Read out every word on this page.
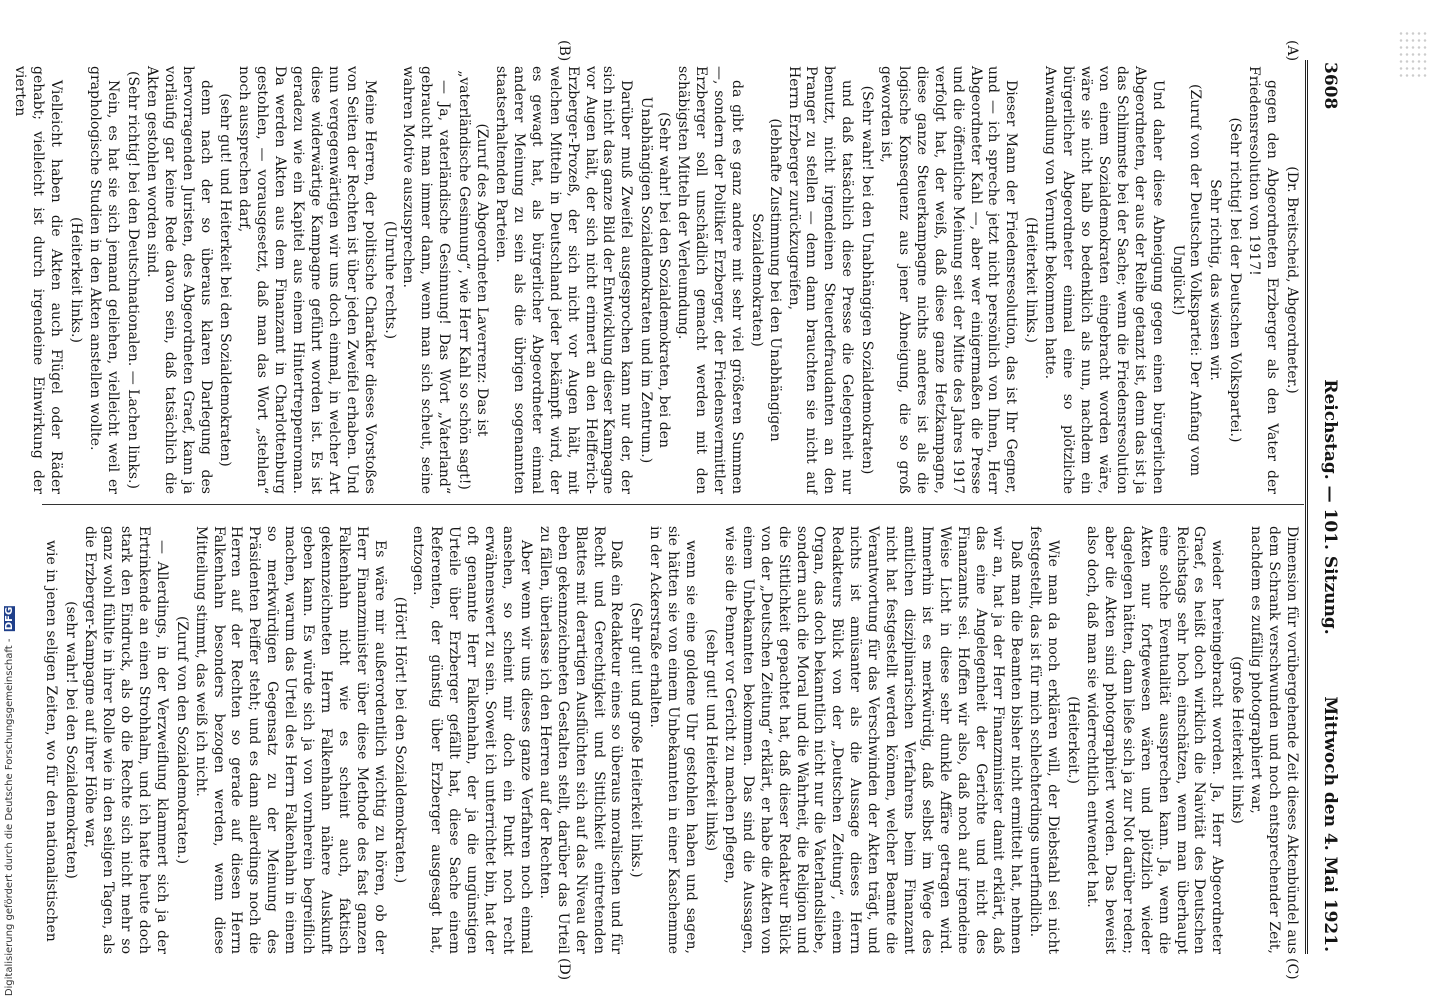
3608
Reichstag. — 101. Sitzung.
Mittwoch den 4. Mai 1921.
(A)
(B)
(C)
(D)

(Dr. Breitscheid, Abgeordneter.)

gegen den Abgeordneten Erzberger als den Vater der Friedensresolution von 1917!

(Sehr richtig! bei der Deutschen Volkspartei.)

Sehr richtig, das wissen wir.

(Zuruf von der Deutschen Volkspartei: Der Anfang vom Unglück!)

Und daher diese Abneigung gegen einen bürgerlichen Abgeordneten, der aus der Reihe getanzt ist, denn das ist ja das Schlimmste bei der Sache; wenn die Friedensresolution von einem Sozialdemokraten eingebracht worden wäre, wäre sie nicht halb so bedenklich als nun, nachdem ein bürgerlicher Abgeordneter einmal eine so plötzliche Anwandlung von Vernunft bekommen hatte.

(Heiterkeit links.)

Dieser Mann der Friedensresolution, das ist Ihr Gegner, und — ich spreche jetzt nicht persönlich von Ihnen, Herr Abgeordneter Kahl —, aber wer einigermaßen die Presse und die öffentliche Meinung seit der Mitte des Jahres 1917 verfolgt hat, der weiß, daß diese ganze Hetzkampagne, diese ganze Steuerkampagne nichts anderes ist als die logische Konsequenz aus jener Abneigung, die so groß geworden ist,

(Sehr wahr! bei den Unabhängigen Sozialdemokraten)

und daß tatsächlich diese Presse die Gelegenheit nur benutzt, nicht irgendeinen Steuerdefraudanten an den Pranger zu stellen — denn dann brauchten sie nicht auf Herrn Erzberger zurückzugreifen,

(lebhafte Zustimmung bei den Unabhängigen Sozialdemokraten)

da gibt es ganz andere mit sehr viel größeren Summen —, sondern der Politiker Erzberger, der Friedensvermittler Erzberger soll unschädlich gemacht werden mit den schäbigsten Mitteln der Verleumdung.

(Sehr wahr! bei den Sozialdemokraten, bei den Unabhängigen Sozialdemokraten und im Zentrum.)

Darüber muß Zweifel ausgesprochen kann nur der, der sich nicht das ganze Bild der Entwicklung dieser Kampagne vor Augen hält, der sich nicht erinnert an den Helfferich-Erzberger-Prozeß, der sich nicht vor Augen hält, mit welchen Mitteln in Deutschland jeder bekämpft wird, der es gewagt hat, als bürgerlicher Abgeordneter einmal anderer Meinung zu sein als die übrigen sogenannten staatserhaltenden Parteien.

(Zuruf des Abgeordneten Laverrenz: Das ist „vaterländische Gesinnung“, wie Herr Kahl so schön sagt!)

— Ja, vaterländische Gesinnung! Das Wort „Vaterland“ gebraucht man immer dann, wenn man sich scheut, seine wahren Motive auszusprechen.

(Unruhe rechts.)

Meine Herren, der politische Charakter dieses Vorstoßes von Seiten der Rechten ist über jeden Zweifel erhaben. Und nun vergegenwärtigen wir uns doch einmal, in welcher Art diese widerwärtige Kampagne geführt worden ist. Es ist geradezu wie ein Kapitel aus einem Hintertreppenroman. Da werden Akten aus dem Finanzamt in Charlottenburg gestohlen, — vorausgesetzt, daß man das Wort „stehlen“ noch aussprechen darf,

(sehr gut! und Heiterkeit bei den Sozialdemokraten)

denn nach der so überaus klaren Darlegung des hervorragenden Juristen, des Abgeordneten Graef, kann ja vorläufig gar keine Rede davon sein, daß tatsächlich die Akten gestohlen worden sind.

(Sehr richtig! bei den Deutschnationalen. — Lachen links.)

Nein, es hat sie sich jemand geliehen, vielleicht weil er graphologische Studien in den Akten anstellen wollte.

(Heiterkeit links.)

Vielleicht haben die Akten auch Flügel oder Räder gehabt; vielleicht ist durch irgendeine Einwirkung der vierten

Dimension für vorübergehende Zeit dieses Aktenbündel aus dem Schrank verschwunden und noch entsprechender Zeit, nachdem es zufällig photographiert war,

(große Heiterkeit links)

wieder hereingebracht worden. Ja, Herr Abgeordneter Graef, es heißt doch wirklich die Naivität des Deutschen Reichstags sehr hoch einschätzen, wenn man überhaupt eine solche Eventualität aussprechen kann. Ja, wenn die Akten nur fortgewesen wären und plötzlich wieder dagelegen hätten, dann ließe sich ja zur Not darüber reden; aber die Akten sind photographiert worden. Das beweist also doch, daß man sie widerrechtlich entwendet hat.

(Heiterkeit.)

Wie man da noch erklären will, der Diebstahl sei nicht festgestellt, das ist für mich schlechterdings unerfindlich.

Daß man die Beamten bisher nicht ermittelt hat, nehmen wir an, hat ja der Herr Finanzminister damit erklärt, daß das eine Angelegenheit der Gerichte und nicht des Finanzamts sei. Hoffen wir also, daß noch auf irgendeine Weise Licht in diese sehr dunkle Affäre getragen wird. Immerhin ist es merkwürdig, daß selbst im Wege des amtlichen disziplinarischen Verfahrens beim Finanzamt nicht hat festgestellt werden können, welcher Beamte die Verantwortung für das Verschwinden der Akten trägt, und nichts ist amüsanter als die Aussage dieses Herrn Redakteurs Bülck von der „Deutschen Zeitung“, einem Organ, das doch bekanntlich nicht nur die Vaterlandsliebe, sondern auch die Moral und die Wahrheit, die Religion und die Sittlichkeit gepachtet hat, daß dieser Redakteur Bülck von der „Deutschen Zeitung“ erklärt, er habe die Akten von einem Unbekannten bekommen. Das sind die Aussagen, wie sie die Penner vor Gericht zu machen pflegen,

(sehr gut! und Heiterkeit links)

wenn sie eine goldene Uhr gestohlen haben und sagen, sie hätten sie von einem Unbekannten in einer Kaschemme in der Ackerstraße erhalten.

(Sehr gut! und große Heiterkeit links.)

Daß ein Redakteur eines so überaus moralischen und für Recht und Gerechtigkeit und Sittlichkeit eintretenden Blattes mit derartigen Ausflüchten sich auf das Niveau der eben gekennzeichneten Gestalten stellt, darüber das Urteil zu fällen, überlasse ich den Herren auf der Rechten.

Aber wenn wir uns dieses ganze Verfahren noch einmal ansehen, so scheint mir doch ein Punkt noch recht erwähnenswert zu sein. Soweit ich unterrichtet bin, hat der oft genannte Herr Falkenhahn, der ja die ungünstigen Urteile über Erzberger gefällt hat, diese Sache einem Referenten, der günstig über Erzberger ausgesagt hat, entzogen.

(Hört! Hört! bei den Sozialdemokraten.)

Es wäre mir außerordentlich wichtig zu hören, ob der Herr Finanzminister über diese Methode des fast ganzen Falkenhahn nicht wie es scheint auch, faktisch gekennzeichneten Herrn Falkenhahn nähere Auskunft geben kann. Es würde sich ja von vornherein begreiflich machen, warum das Urteil des Herrn Falkenhahn in einem so merkwürdigen Gegensatz zu der Meinung des Präsidenten Peiffer steht; und es dann allerdings noch die Herren auf der Rechten so gerade auf diesen Herrn Falkenhahn besonders bezogen werden, wenn diese Mitteilung stimmt, das weiß ich nicht.

(Zuruf von den Sozialdemokraten.)

— Allerdings, in der Verzweiflung klammert sich ja der Ertrinkende an einen Strohhalm, und ich hatte heute doch stark den Eindruck, als ob die Rechte sich nicht mehr so ganz wohl fühlte in ihrer Rolle wie in den seligen Tagen, als die Erzberger-Kampagne auf ihrer Höhe war,

(sehr wahr! bei den Sozialdemokraten)

wie in jenen seligen Zeiten, wo für den nationalistischen

Digitalisierung gefördert durch die Deutsche Forschungsgemeinschaft - DFG
